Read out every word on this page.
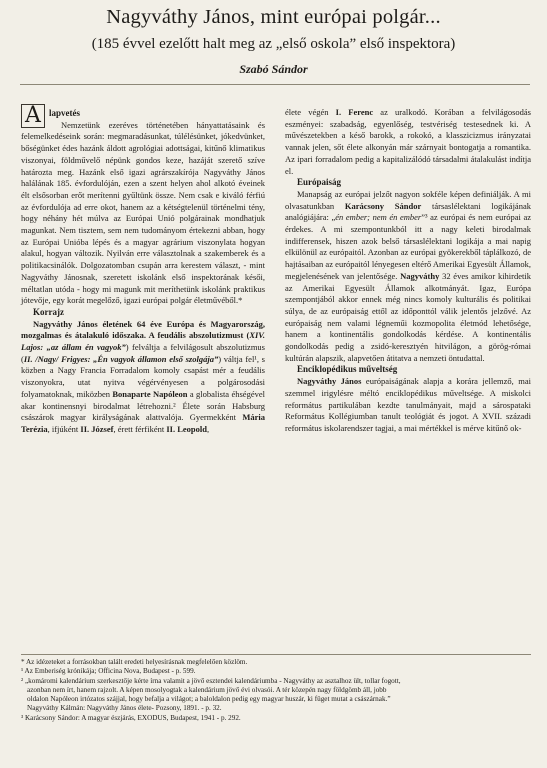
Nagyváthy János, mint európai polgár...
(185 évvel ezelőtt halt meg az „első oskola” első inspektora)
Szabó Sándor
A lapvetés

Nemzetünk ezeréves történetében hányattatásaink és felemelkedéseink során: megmaradásunkat, túlélésünket, jókedvünket, bőségünket édes hazánk áldott agrológiai adottságai, kitűnő klimatikus viszonyai, földművelő népünk gondos keze, hazáját szerető szíve határozta meg. Hazánk első igazi agrárszakírója Nagyváthy János halálának 185. évfordulóján, ezen a szent helyen ahol alkotó éveinek élt elsősorban erőt merítenni gyűltünk össze. Nem csak e kiváló férfiú az évfordulója ad erre okot, hanem az a kétségtelenül történelmi tény, hogy néhány hét múlva az Európai Unió polgárainak mondhatjuk magunkat. Nem tisztem, sem nem tudományom értekezni abban, hogy az Európai Unióba lépés és a magyar agrárium viszonylata hogyan alakul, hogyan változik. Nyilván erre választolnak a szakemberek és a politikacsinálók. Dolgozatomban csupán arra kerestem választ, - mint Nagyváthy Jánosnak, szeretett iskolánk első inspektorának késői, méltatlan utóda - hogy mi magunk mit meríthetünk iskolánk praktikus jótevője, egy korát megelőző, igazi európai polgár életművéből.*

Korrajz

Nagyváthy János életének 64 éve Európa és Magyarország, mozgalmas és átalakuló időszaka. A feudális abszolutizmust (XIV. Lajos: „az állam én vagyok”) felváltja a felvilágosult abszolutizmus (II. /Nagy/ Frigyes: „Én vagyok államon első szolgája”) váltja fel¹, s közben a Nagy Francia Forradalom komoly csapást mér a feudális viszonyokra, utat nyitva végérvényesen a polgárosodási folyamatoknak, miközben Bonaparte Napóleon a globalista éhségével akar kontinensnyi birodalmat létrehozni.² Élete során Habsburg császárok magyar királyságának alattvalója. Gyermekként Mária Terézia, ifjúként II. József, érett férfiként II. Leopold,

élete végén I. Ferenc az uralkodó. Korában a felvilágosodás eszményei: szabadság, egyenlőség, testvériség testesednek ki. A művészetekben a késő barokk, a rokokó, a klasszicizmus irányzatai vannak jelen, sőt élete alkonyán már szárnyait bontogatja a romantika. Az ipari forradalom pedig a kapitalizálódó társadalmi átalakulást indítja el.

Európaiság

Manapság az európai jelzőt nagyon sokféle képen definiálják. A mi olvasatunkban Karácsony Sándor társaslélektani logikájának analógiájára: „én ember; nem én ember”³ az európai és nem európai az érdekes. A mi szempontunkból itt a nagy keleti birodalmak indifferensek, hiszen azok belső társaslélektani logikája a mai napig elkülönül az európaitól. Azonban az európai gyökerekből táplálkozó, de hajtásaiban az európaitól lényegesen eltérő Amerikai Egyesült Államok, megjelenésének van jelentősége. Nagyváthy 32 éves amikor kihirdetik az Amerikai Egyesült Államok alkotmányát. Igaz, Európa szempontjából akkor ennek még nincs komoly kulturális és politikai súlya, de az európaiság ettől az időponttól válik jelentős jelzővé. Az európaiság nem valami légneműi kozmopolita életmód lehetősége, hanem a kontinentális gondolkodás kérdése. A kontinentális gondolkodás pedig a zsidó-keresztyén hitvilágon, a görög-római kultúrán alapszik, alapvetően átitatva a nemzeti öntudattal.

Enciklopédikus műveltség

Nagyváthy János európaiságának alapja a korára jellemző, mai szemmel irigylésre méltó enciklopédikus műveltsége. A miskolci református partikulában kezdte tanulmányait, majd a sárospataki Református Kollégiumban tanult teológiát és jogot. A XVII. századi református iskolarendszer tagjai, a mai mértékkel is mérve kitűnő ok-

* Az idézeteket a forrásokban talált eredeti helyesírásnak megfelelően közlöm.
¹ Az Emberiség krónikája; Officina Nova, Budapest - p. 599.
² „komáromi kalendárium szerkesztője kérte írna valamit a jövő esztendei kalendáriumba - Nagyváthy az asztalhoz ült, tollar fogott,
azonban nem írt, hanem rajzolt. A képen mosolyogtak a kalendárium jövő évi olvasói. A tér közepén nagy földgömb áll, jobb
oldalon Napóleon irtózatos szájjal, hogy befalja a világot; a baloldalon pedig egy magyar huszár, ki füget mutat a császárnak.”
Nagyváthy Kálmán: Nagyváthy János élete- Pozsony, 1891. - p. 32.
³ Karácsony Sándor: A magyar észjárás, EXODUS, Budapest, 1941 - p. 292.
